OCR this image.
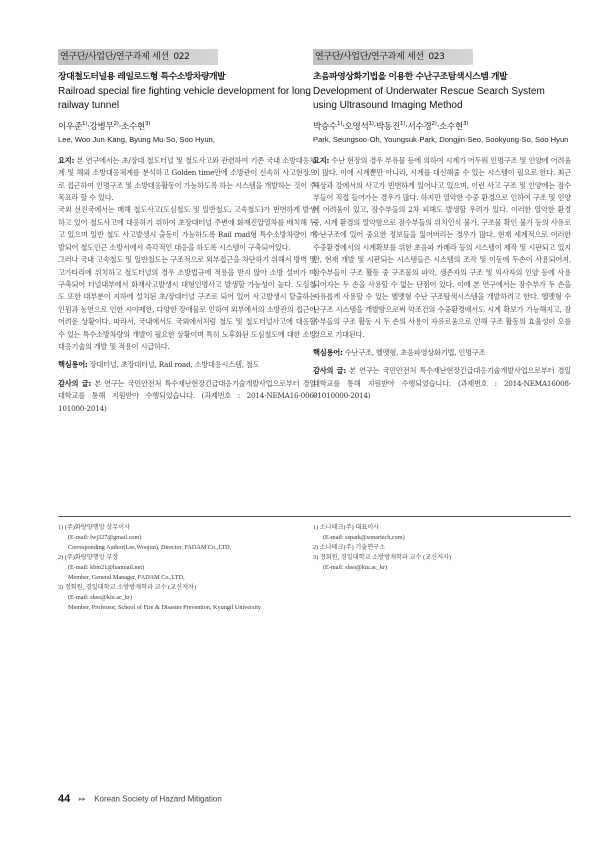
연구단/사업단/연구과제 세션 022
장대철도터널용 레일로드형 특수소방차량개발
Railroad special fire fighting vehicle development for long railway tunnel
이우준$^{1)}$·강병무$^{2)}$·소수현$^{3)}$
Lee, Woo Jun·Kang, Byung Mu·So, Soo Hyun,

요지: 본 연구에서는 초/장대 철도터널 및 철도사고와 관련하여 기존 국내 소방대응체계 및 해외 소방대응체계를 분석하고 Golden time안에 소방관이 신속히 사고현장으로 접근하여 인명구조 및 소방대응활동이 가능하도록 하는 시스템을 개발하는 것이 주목표라 할 수 있다.

국외 선진국에서는 매해 철도사고(도심철도 및 일반철도, 고속철도)가 빈번하게 발생하고 있어 철도사고에 대응하기 위하여 초장대터널 주변에 화재진압열차를 배치해 두고 있으며 일반 철도 사고발생시 출동이 가능하도록 Rail road형 특수소방차량이 개발되어 철도인근 소방서에서 즉각적인 대응을 하도록 시스템이 구축되어있다.

그러나 국내 고속철도 및 일반철도는 구조적으로 외부접근을 차단하기 위해서 방벽 및 고가타리에 위치하고 철도터널의 경우 소방법규에 적용을 받지 않아 소방 설비가 미 구축되어 터널내부에서 화재사고발생시 대형인명사고 발생할 가능성이 높다. 도심철도 또한 대부분이 지하에 설치된 초/장대터널 구조로 되어 있어 사고발생시 탈출하는 인원과 농연으로 인한 시야제한, 다양한 장애물로 인하여 외부에서의 소방관의 접근이 어려운 상황이다. 따라서, 국내에서도 국외에서처럼 철도 및 철도터널사고에 대응할 수 있는 특수소방차량의 개발이 필요한 상황이며 특히 노후화된 도심철도에 대한 소방대응기술의 개발 및 적용이 시급하다.

핵심용어: 장대터널, 초장대터널, Rail road, 소방대응시스템, 철도
감사의 글: 본 연구는 국민안전처 특수재난현장긴급대응기술개발사업으로부터 경일대학교를 통해 지원받아 수행되었습니다. (과제번호 : 2014-NEMA16-006-101000-2014)
1) (주)화랑양행앙 상무이사
(E-mail: lwj327@gmail.com)
Corresponding Author(Lee,Woojun), Director, FADAM Co.,LTD,
2) (주)화랑양행앙 부장
(E-mail: kbm21@hanmail.net)
Member, General Manager, FADAM Co.,LTD,
3) 정회원, 경일대학교 소방방재학과 교수 (교신저자)
(E-mail: shso@kiu.ac_kr)
Member, Professor, School of Fire & Disaster Prevention, Kyungil University
연구단/사업단/연구과제 세션 023
초음파영상화기법을 이용한 수난구조탐색시스템 개발
Development of Underwater Rescue Search System using Ultrasound Imaging Method
박승수$^{1)}$·오영석$^{1)}$·박동진$^{1)}$·서수경$^{2)}$·소수현$^{3)}$
Park, Seungsoo·Oh, Youngsuk·Park, Dongjin·Seo, Sookyung·So, Soo Hyun

요지: 수난 현장의 경우 부유물 등에 의하여 시계가 어두워 인명구조 및 인양에 어려움이 많다. 이에 시계뿐만 아니라, 시계를 대신해줄 수 있는 시스템이 필요로 한다. 최근 해상과 강에서의 사고가 빈번하게 일어나고 있으며, 이런 사고 구조 및 인양에는 잠수부들이 직접 들어가는 경우가 많다. 하지만 열악한 수중 환경으로 인하여 구조 및 인양에 어려움이 있고, 잠수부들의 2차 피해도 발생할 우려가 있다. 이러한 열악한 환경 중, 시계 환경의 열악함으로 잠수부들의 위치인식 불가, 구조물 확인 불가 등의 사유로 수난구조에 있어 중요한 정보들을 잃어버리는 경우가 많다. 현재 세계적으로 이러한 수중환경에서의 시계확보를 위한 초음파 카메라 등의 시스템이 제작 및 시판되고 있지만, 현재 개발 및 시판되는 시스템들은 시스템의 조작 및 이동에 두손이 사용되어져, 잠수부들이 구조 활동 중 구조물의 파악, 생존자의 구조 및 익사자의 인양 등에 사용 되어지는 두 손을 사용할 수 없는 단점이 있다. 이에 본 연구에서는 잠수부가 두 손을 자유롭게 사용할 수 있는 헬멧형 수난 구조탐색시스템을 개발하려고 한다. 헬멧형 수난구조 시스템을 개발함으로써 악조건의 수중환경에서도 시계 확보가 가능해지고, 잠수부들의 구조 활동 시 두 손의 사용이 자유로움으로 인해 구조 활동의 효율성이 오를 것으로 기대된다.

핵심용어: 수난구조, 헬멧형, 초음파영상화기법, 인명구조
감사의 글: 본 연구는 국민안전처 특수재난현장긴급대응기술개발사업으로부터 경일대학교를 통해 지원받아 수행되었습니다. (과제번호 : 2014-NEMA16008-01010000-2014)
1) 소나테크(주) 대표이사
(E-mail: sspark@sonartech,com)
2) 소나테크(주) 기술연구소
3) 정회원, 경일대학교 소방방재학과 교수 (교신저자)
(E-mail: shso@kiu.ac_kr)
44 ▸▸ Korean Society of Hazard Mitigation
